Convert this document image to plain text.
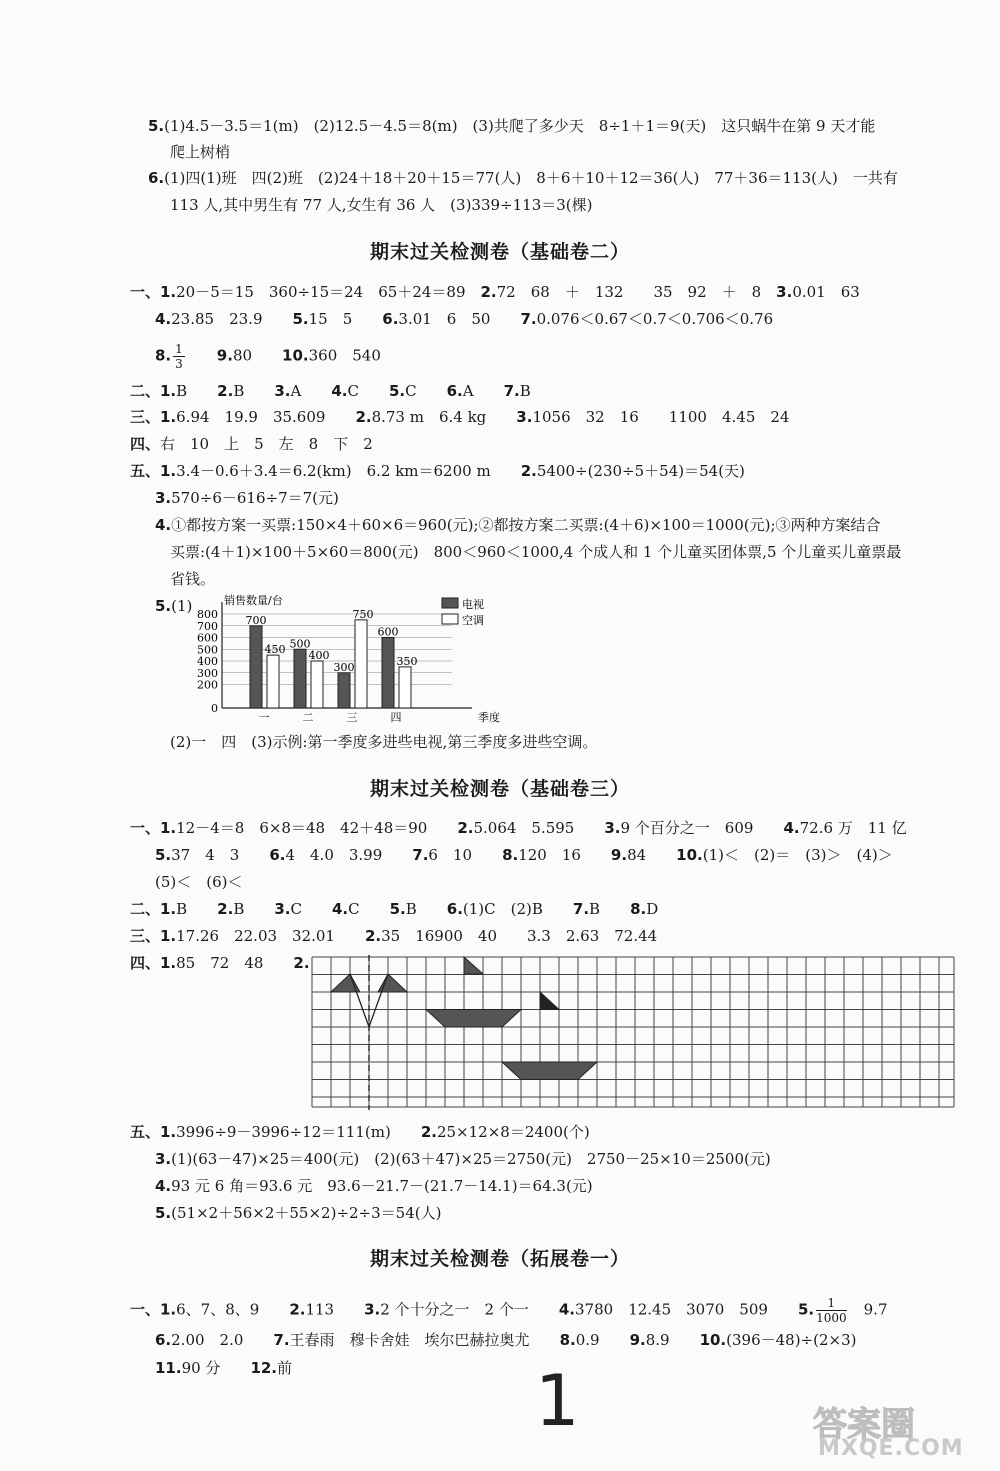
5.(1)4.5－3.5＝1(m)　(2)12.5－4.5＝8(m)　(3)共爬了多少天　8÷1＋1＝9(天)　这只蜗牛在第 9 天才能
爬上树梢
6.(1)四(1)班　四(2)班　(2)24＋18＋20＋15＝77(人)　8＋6＋10＋12＝36(人)　77＋36＝113(人)　一共有
113 人,其中男生有 77 人,女生有 36 人　(3)339÷113＝3(棵)
期末过关检测卷（基础卷二）
一、1.20－5＝15　360÷15＝24　65＋24＝89　2.72　68　＋　132　　35　92　＋　8　3.0.01　63
4.23.85　23.9　　5.15　5　　6.3.01　6　50　　7.0.076＜0.67＜0.7＜0.706＜0.76
8. $\frac{1}{3}$
　　 9.80　　10.360　540
二、1.B　　2.B　　3.A　　4.C　　5.C　　6.A　　7.B
三、1.6.94　19.9　35.609　　2.8.73 m　6.4 kg　　3.1056　32　16　　1100　4.45　24
四、右　10　上　5　左　8　下　2
五、1.3.4－0.6＋3.4＝6.2(km)　6.2 km＝6200 m　　2.5400÷(230÷5＋54)＝54(天)
3.570÷6－616÷7＝7(元)
4.①都按方案一买票:150×4＋60×6＝960(元);②都按方案二买票:(4＋6)×100＝1000(元);③两种方案结合
买票:(4＋1)×100＋5×60＝800(元)　800＜960＜1000,4 个成人和 1 个儿童买团体票,5 个儿童买儿童票最
省钱。
5.(1)
0
200
300
400
500
600
700
800
销售数量/台
季度
700
450
一
500
400
二
300
750
三
600
350
四
电视
空调
(2)一　四　(3)示例:第一季度多进些电视,第三季度多进些空调。
期末过关检测卷（基础卷三）
一、1.12－4＝8　6×8＝48　42＋48＝90　　2.5.064　5.595　　3.9 个百分之一　609　　4.72.6 万　11 亿
5.37　4　3　　6.4　4.0　3.99　　7.6　10　　8.120　16　　9.84　　10.(1)＜　(2)＝　(3)＞　(4)＞
(5)＜　(6)＜
二、1.B　　2.B　　3.C　　4.C　　5.B　　6.(1)C　(2)B　　7.B　　8.D
三、1.17.26　22.03　32.01　　2.35　16900　40　　3.3　2.63　72.44
四、1.85　72　48　　2.
五、1.3996÷9－3996÷12＝111(m)　　2.25×12×8＝2400(个)
3.(1)(63－47)×25＝400(元)　(2)(63＋47)×25＝2750(元)　2750－25×10＝2500(元)
4.93 元 6 角＝93.6 元　93.6－21.7－(21.7－14.1)＝64.3(元)
5.(51×2＋56×2＋55×2)÷2÷3＝54(人)
期末过关检测卷（拓展卷一）
一、1.6、7、8、9　　2.113　　3.2 个十分之一　2 个一　　4.3780　12.45　3070　509　　5. $\frac{1}{1000}$
　 9.7
6.2.00　2.0　　7.王春雨　穆卡舍娃　埃尔巴赫拉奥尤　　8.0.9　　9.8.9　　10.(396－48)÷(2×3)
11.90 分　　12.前	1	答案圈
MXQE.COM
